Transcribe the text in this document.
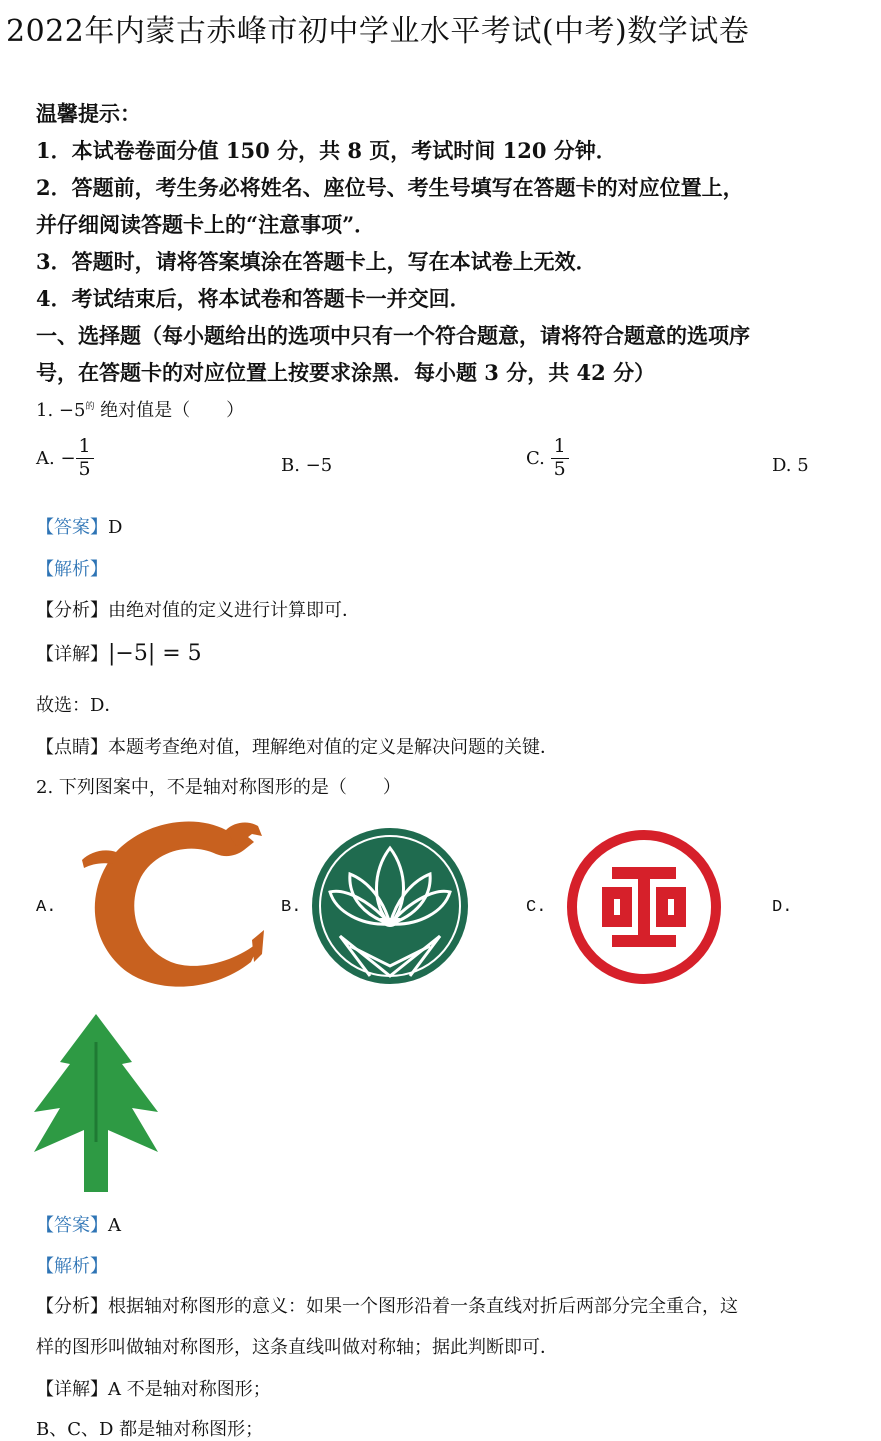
2022年内蒙古赤峰市初中学业水平考试(中考)数学试卷
温馨提示：
1．本试卷卷面分值 150 分，共 8 页，考试时间 120 分钟．
2．答题前，考生务必将姓名、座位号、考生号填写在答题卡的对应位置上，
并仔细阅读答题卡上的“注意事项”．
3．答题时，请将答案填涂在答题卡上，写在本试卷上无效．
4．考试结束后，将本试卷和答题卡一并交回．
一、选择题（每小题给出的选项中只有一个符合题意，请将符合题意的选项序
号，在答题卡的对应位置上按要求涂黑．每小题 3 分，共 42 分）
1. $-5^的$ 绝对值是（　　）
A. − $\frac{1}{5}$	B. −5	C. $\frac{1}{5}$	D. 5
【答案】D
【解析】
【分析】由绝对值的定义进行计算即可．
【详解】|−5| = 5
故选：D．
【点睛】本题考查绝对值，理解绝对值的定义是解决问题的关键．
2. 下列图案中，不是轴对称图形的是（　　）
A.	B.	C.	D.
【答案】A
【解析】
【分析】根据轴对称图形的意义：如果一个图形沿着一条直线对折后两部分完全重合，这
样的图形叫做轴对称图形，这条直线叫做对称轴；据此判断即可．
【详解】A 不是轴对称图形；
B、C、D 都是轴对称图形；
